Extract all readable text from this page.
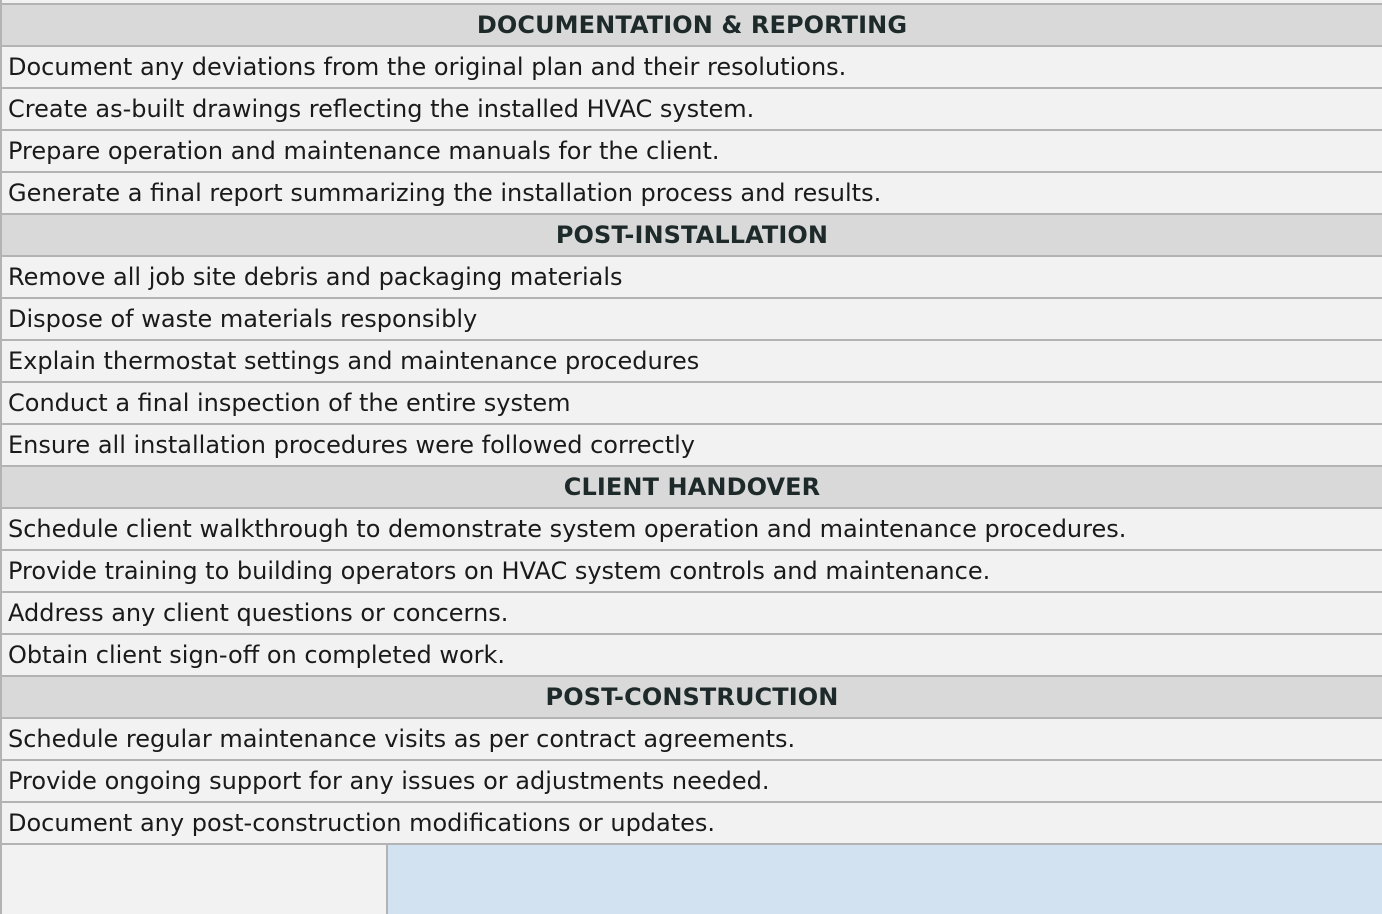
DOCUMENTATION & REPORTING
Document any deviations from the original plan and their resolutions.
Create as-built drawings reflecting the installed HVAC system.
Prepare operation and maintenance manuals for the client.
Generate a final report summarizing the installation process and results.
POST-INSTALLATION
Remove all job site debris and packaging materials
Dispose of waste materials responsibly
Explain thermostat settings and maintenance procedures
Conduct a final inspection of the entire system
Ensure all installation procedures were followed correctly
CLIENT HANDOVER
Schedule client walkthrough to demonstrate system operation and maintenance procedures.
Provide training to building operators on HVAC system controls and maintenance.
Address any client questions or concerns.
Obtain client sign-off on completed work.
POST-CONSTRUCTION
Schedule regular maintenance visits as per contract agreements.
Provide ongoing support for any issues or adjustments needed.
Document any post-construction modifications or updates.
